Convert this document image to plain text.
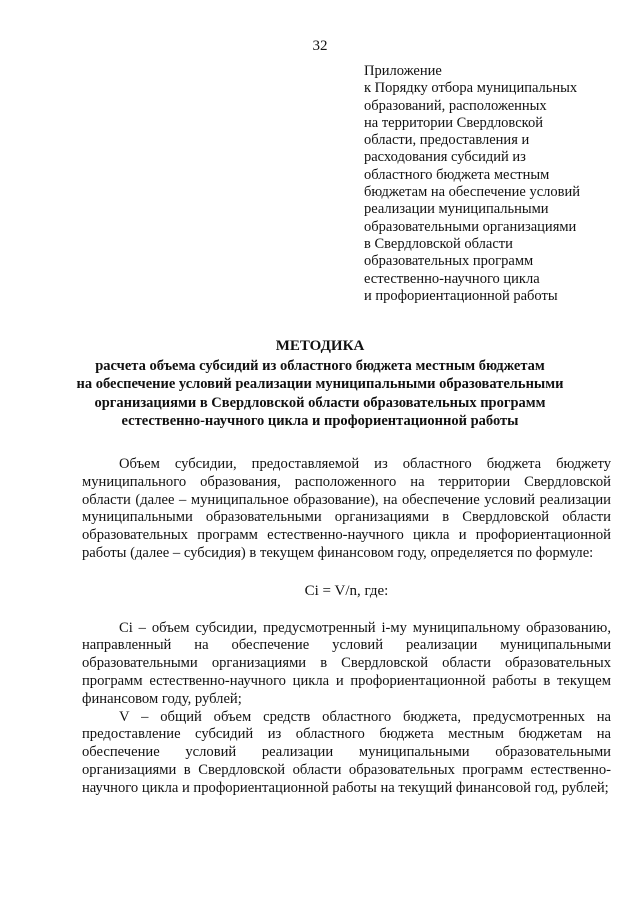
32
Приложение
к Порядку отбора муниципальных
образований, расположенных
на территории Свердловской
области, предоставления и
расходования субсидий из
областного бюджета местным
бюджетам на обеспечение условий
реализации муниципальными
образовательными организациями
в Свердловской области
образовательных программ
естественно-научного цикла
и профориентационной работы
МЕТОДИКА
расчета объема субсидий из областного бюджета местным бюджетам
на обеспечение условий реализации муниципальными образовательными
организациями в Свердловской области образовательных программ
естественно-научного цикла и профориентационной работы

Объем субсидии, предоставляемой из областного бюджета бюджету муниципального образования, расположенного на территории Свердловской области (далее – муниципальное образование), на обеспечение условий реализации муниципальными образовательными организациями в Свердловской области образовательных программ естественно-научного цикла и профориентационной работы (далее – субсидия) в текущем финансовом году, определяется по формуле:

Ci = V/n, где:

Ci – объем субсидии, предусмотренный i-му муниципальному образованию, направленный на обеспечение условий реализации муниципальными образовательными организациями в Свердловской области образовательных программ естественно-научного цикла и профориентационной работы в текущем финансовом году, рублей;

V – общий объем средств областного бюджета, предусмотренных на предоставление субсидий из областного бюджета местным бюджетам на обеспечение условий реализации муниципальными образовательными организациями в Свердловской области образовательных программ естественно-научного цикла и профориентационной работы на текущий финансовой год, рублей;
